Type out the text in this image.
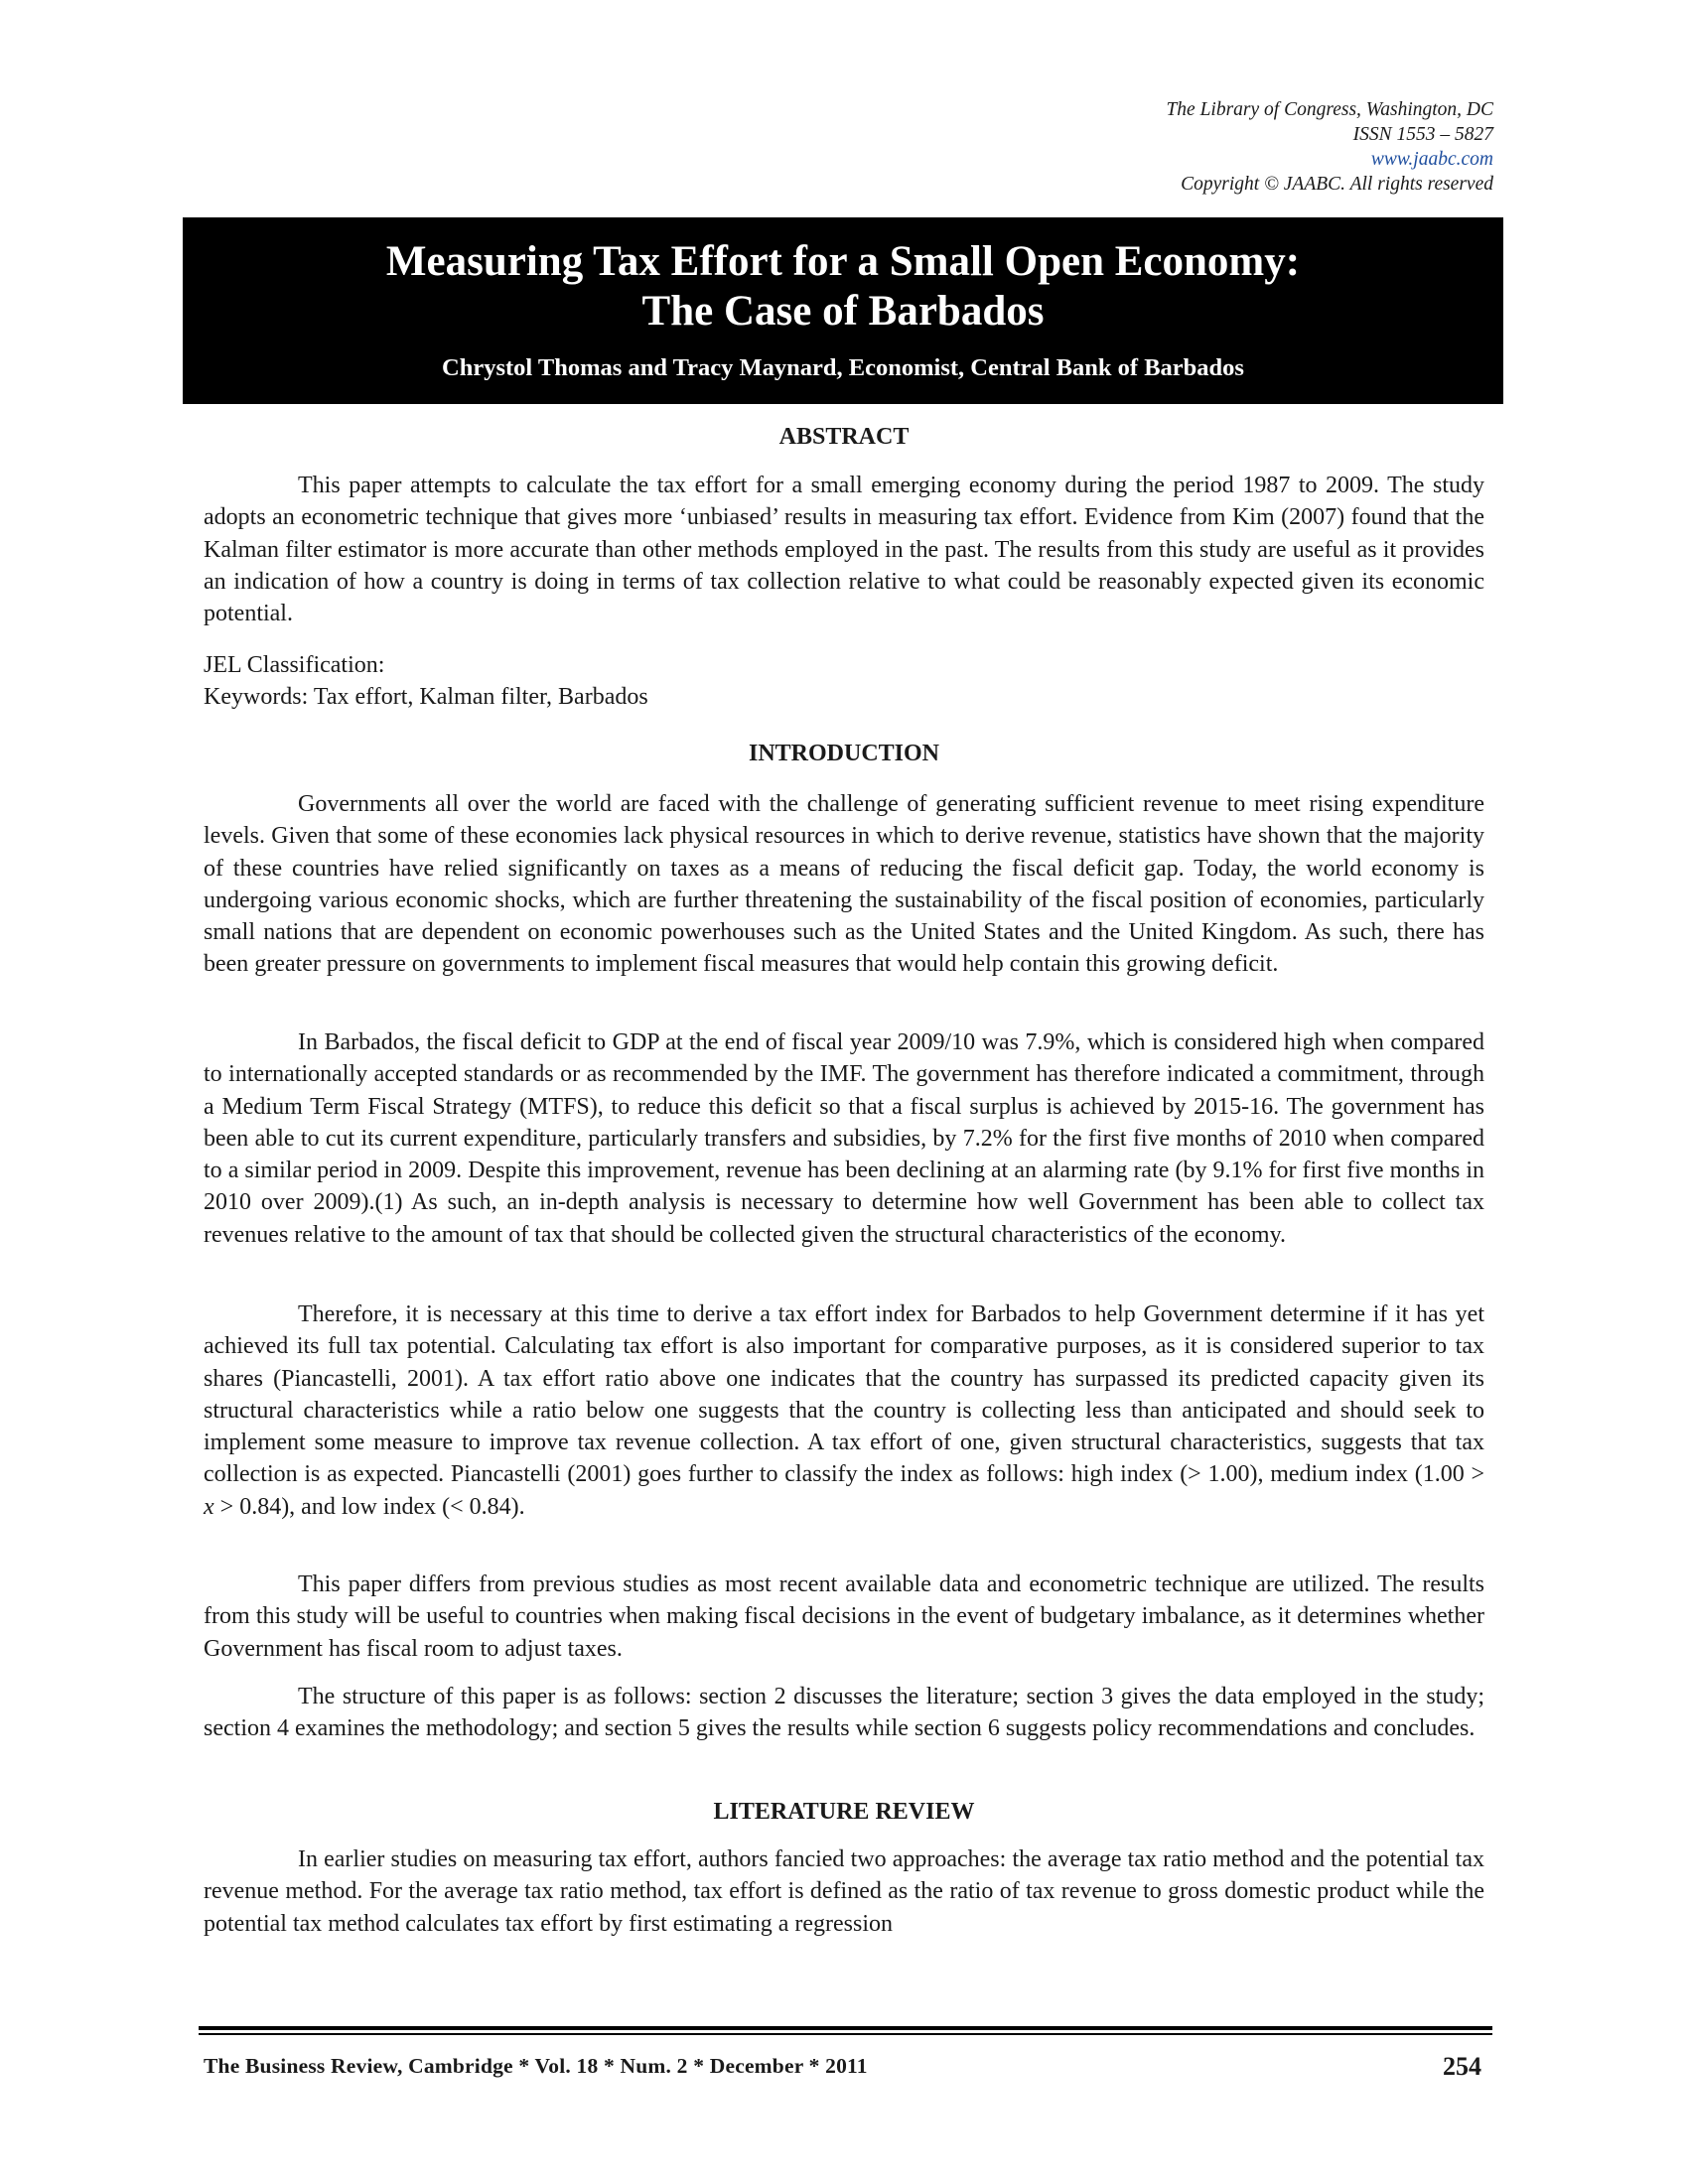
The Library of Congress, Washington, DC
ISSN 1553 – 5827
www.jaabc.com
Copyright © JAABC. All rights reserved
Measuring Tax Effort for a Small Open Economy:
The Case of Barbados
Chrystol Thomas and Tracy Maynard, Economist, Central Bank of Barbados
ABSTRACT
This paper attempts to calculate the tax effort for a small emerging economy during the period 1987 to 2009. The study adopts an econometric technique that gives more ‘unbiased’ results in measuring tax effort. Evidence from Kim (2007) found that the Kalman filter estimator is more accurate than other methods employed in the past. The results from this study are useful as it provides an indication of how a country is doing in terms of tax collection relative to what could be reasonably expected given its economic potential.
JEL Classification:
Keywords: Tax effort, Kalman filter, Barbados
INTRODUCTION
Governments all over the world are faced with the challenge of generating sufficient revenue to meet rising expenditure levels. Given that some of these economies lack physical resources in which to derive revenue, statistics have shown that the majority of these countries have relied significantly on taxes as a means of reducing the fiscal deficit gap. Today, the world economy is undergoing various economic shocks, which are further threatening the sustainability of the fiscal position of economies, particularly small nations that are dependent on economic powerhouses such as the United States and the United Kingdom. As such, there has been greater pressure on governments to implement fiscal measures that would help contain this growing deficit.
In Barbados, the fiscal deficit to GDP at the end of fiscal year 2009/10 was 7.9%, which is considered high when compared to internationally accepted standards or as recommended by the IMF. The government has therefore indicated a commitment, through a Medium Term Fiscal Strategy (MTFS), to reduce this deficit so that a fiscal surplus is achieved by 2015-16. The government has been able to cut its current expenditure, particularly transfers and subsidies, by 7.2% for the first five months of 2010 when compared to a similar period in 2009. Despite this improvement, revenue has been declining at an alarming rate (by 9.1% for first five months in 2010 over 2009).(1) As such, an in-depth analysis is necessary to determine how well Government has been able to collect tax revenues relative to the amount of tax that should be collected given the structural characteristics of the economy.
Therefore, it is necessary at this time to derive a tax effort index for Barbados to help Government determine if it has yet achieved its full tax potential. Calculating tax effort is also important for comparative purposes, as it is considered superior to tax shares (Piancastelli, 2001). A tax effort ratio above one indicates that the country has surpassed its predicted capacity given its structural characteristics while a ratio below one suggests that the country is collecting less than anticipated and should seek to implement some measure to improve tax revenue collection. A tax effort of one, given structural characteristics, suggests that tax collection is as expected. Piancastelli (2001) goes further to classify the index as follows: high index (> 1.00), medium index (1.00 > x > 0.84), and low index (< 0.84).
This paper differs from previous studies as most recent available data and econometric technique are utilized. The results from this study will be useful to countries when making fiscal decisions in the event of budgetary imbalance, as it determines whether Government has fiscal room to adjust taxes.
The structure of this paper is as follows: section 2 discusses the literature; section 3 gives the data employed in the study; section 4 examines the methodology; and section 5 gives the results while section 6 suggests policy recommendations and concludes.
LITERATURE REVIEW
In earlier studies on measuring tax effort, authors fancied two approaches: the average tax ratio method and the potential tax revenue method. For the average tax ratio method, tax effort is defined as the ratio of tax revenue to gross domestic product while the potential tax method calculates tax effort by first estimating a regression
The Business Review, Cambridge * Vol. 18 * Num. 2 * December * 2011	254
